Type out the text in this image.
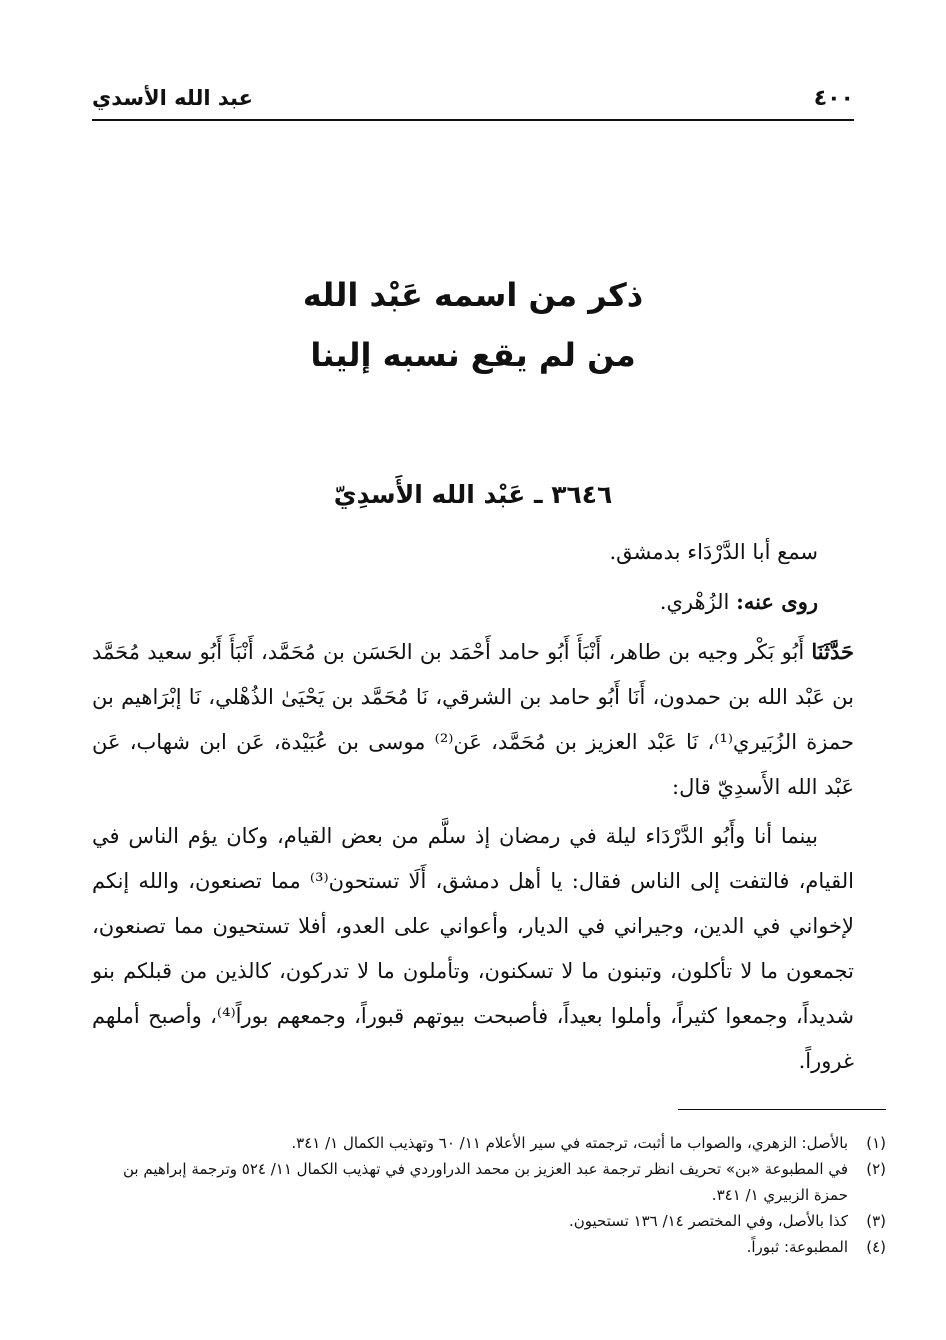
٤٠٠
عبد الله الأسدي
ذكر من اسمه عَبْد الله
من لم يقع نسبه إلينا
٣٦٤٦ ـ عَبْد الله الأَسدِيّ

سمع أبا الدَّرْدَاء بدمشق.

روى عنه: الزُهْري.

حَدَّثَنَا أَبُو بَكْر وجيه بن طاهر، أَنْبَأَ أَبُو حامد أَحْمَد بن الحَسَن بن مُحَمَّد، أَنْبَأَ أَبُو سعيد مُحَمَّد بن عَبْد الله بن حمدون، أَنَا أَبُو حامد بن الشرقي، نَا مُحَمَّد بن يَحْيَىٰ الذُهْلي، نَا إبْرَاهيم بن حمزة الزُبَيري⁽¹⁾، نَا عَبْد العزيز بن مُحَمَّد، عَن⁽²⁾ موسى بن عُبَيْدة، عَن ابن شهاب، عَن عَبْد الله الأَسدِيّ قال:

بينما أنا وأَبُو الدَّرْدَاء ليلة في رمضان إذ سلَّم من بعض القيام، وكان يؤم الناس في القيام، فالتفت إلى الناس فقال: يا أهل دمشق، أَلَا تستحون⁽³⁾ مما تصنعون، والله إنكم لإخواني في الدين، وجيراني في الديار، وأعواني على العدو، أفلا تستحيون مما تصنعون، تجمعون ما لا تأكلون، وتبنون ما لا تسكنون، وتأملون ما لا تدركون، كالذين من قبلكم بنو شديداً، وجمعوا كثيراً، وأملوا بعيداً، فأصبحت بيوتهم قبوراً، وجمعهم بوراً⁽⁴⁾، وأصبح أملهم غروراً.

(١)
بالأصل: الزهري، والصواب ما أثبت، ترجمته في سير الأعلام ١١/ ٦٠ وتهذيب الكمال ١/ ٣٤١.
(٢)
في المطبوعة «بن» تحريف انظر ترجمة عبد العزيز بن محمد الدراوردي في تهذيب الكمال ١١/ ٥٢٤ وترجمة إبراهيم بن حمزة الزبيري ١/ ٣٤١.
(٣)
كذا بالأصل، وفي المختصر ١٤/ ١٣٦ تستحيون.
(٤)
المطبوعة: ثبوراً.
